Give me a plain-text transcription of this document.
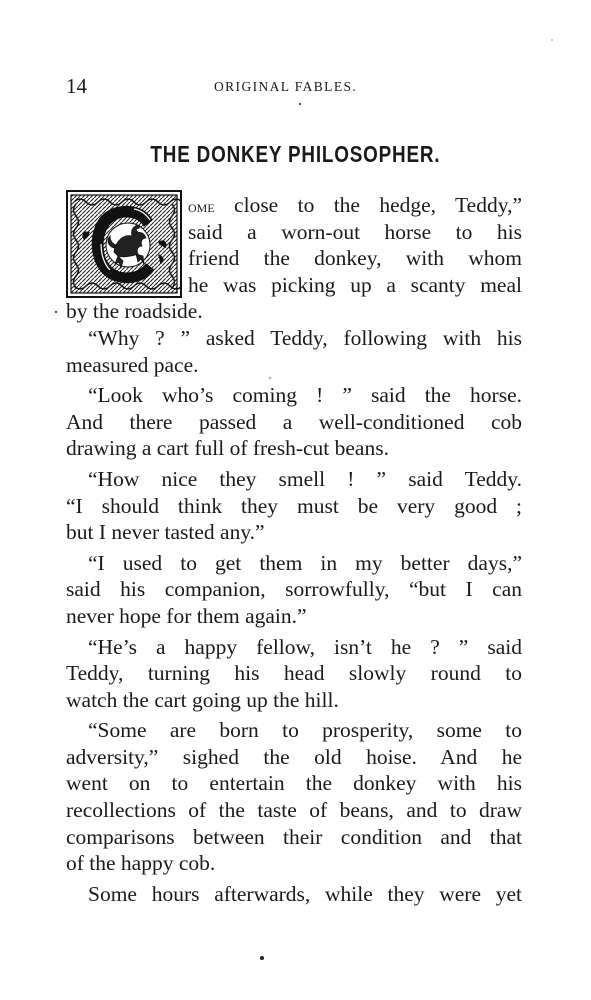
14	ORIGINAL FABLES.
THE DONKEY PHILOSOPHER.
ome close to the hedge, Teddy,”
said a worn-out horse to his
friend the donkey, with whom
he was picking up a scanty meal
by the roadside.
“Why ? ” asked Teddy, following with his
measured pace.
“Look who’s coming ! ” said the horse.
And there passed a well-conditioned cob
drawing a cart full of fresh-cut beans.
“How nice they smell ! ” said Teddy.
“I should think they must be very good ;
but I never tasted any.”
“I used to get them in my better days,”
said his companion, sorrowfully, “but I can
never hope for them again.”
“He’s a happy fellow, isn’t he ? ” said
Teddy, turning his head slowly round to
watch the cart going up the hill.
“Some are born to prosperity, some to
adversity,” sighed the old hoise. And he
went on to entertain the donkey with his
recollections of the taste of beans, and to draw
comparisons between their condition and that
of the happy cob.
Some hours afterwards, while they were yet
